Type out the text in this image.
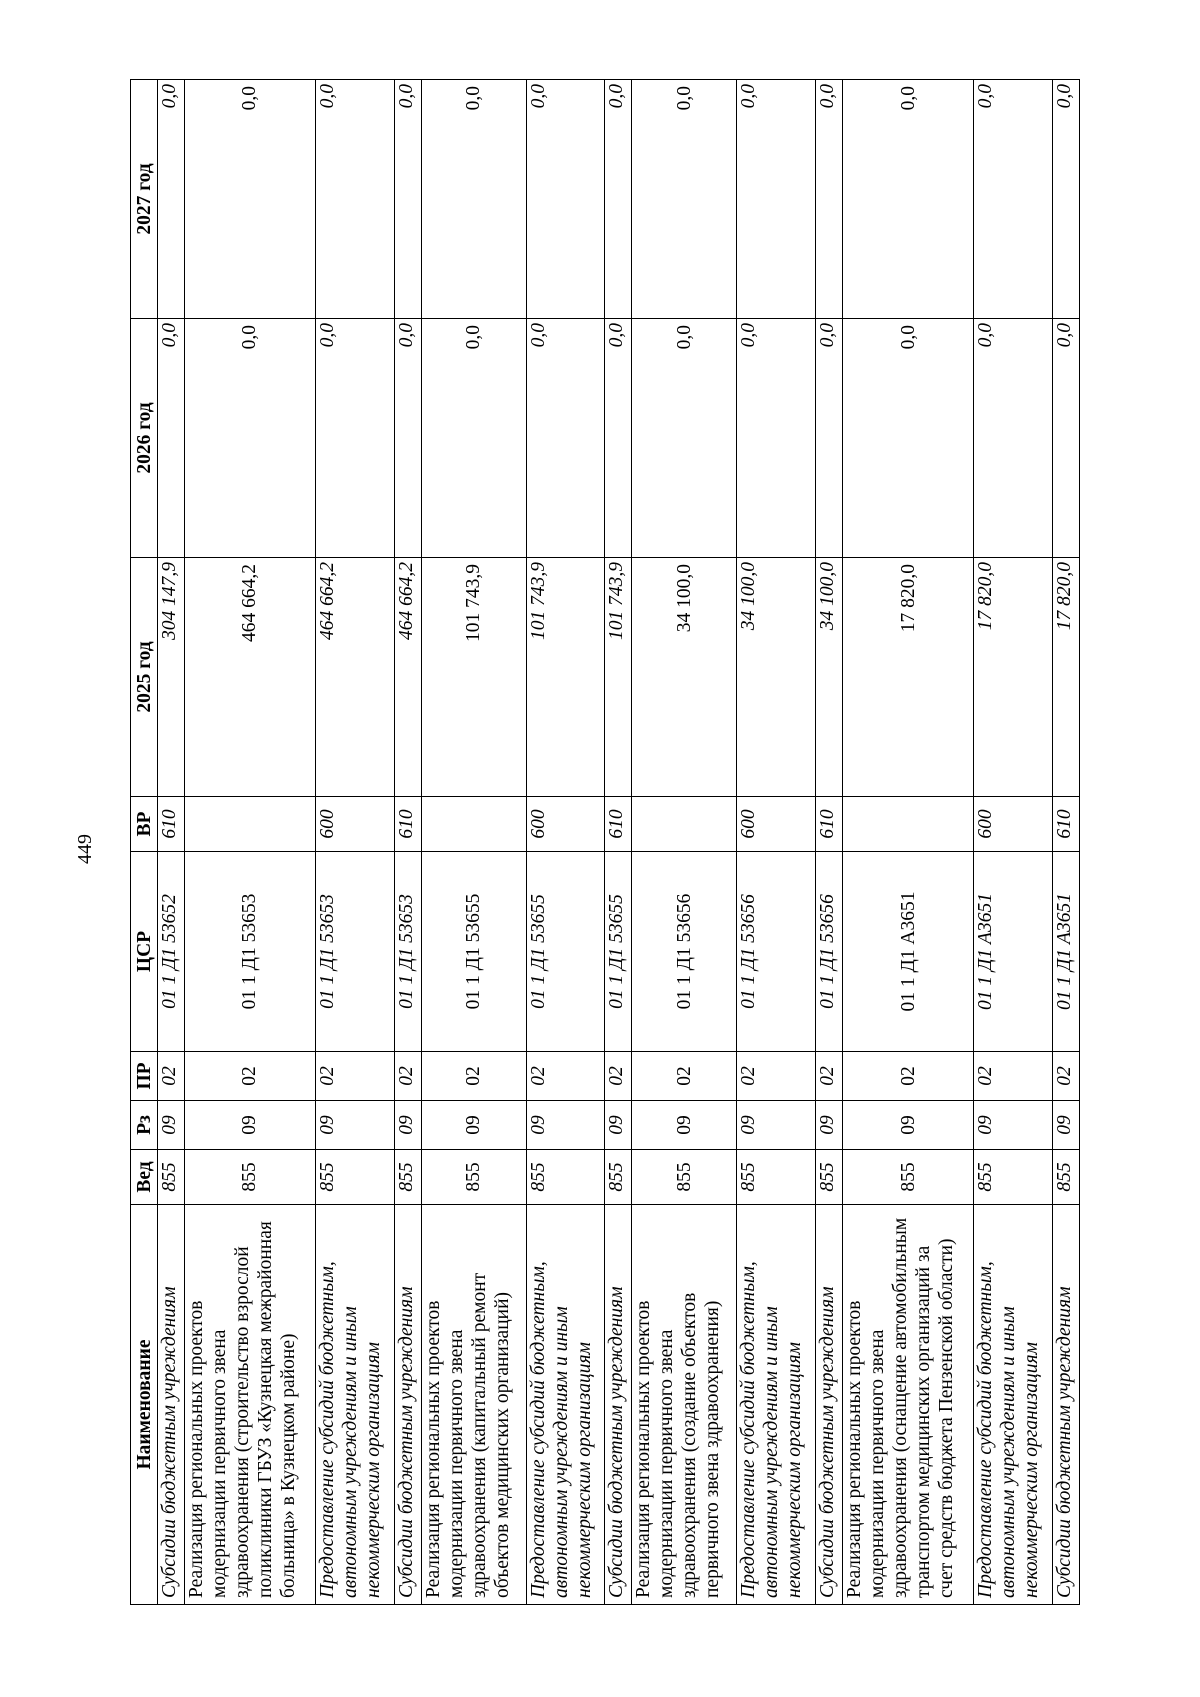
449
Наименование	Вед	Рз	ПР	ЦСР	ВР	2025 год	2026 год	2027 год
Субсидии бюджетным учреждениям	855	09	02	01 1 Д1 53652	610	304 147,9	0,0	0,0
Реализация региональных проектов модернизации первичного звена здравоохранения (строительство взрослой поликлиники ГБУЗ «Кузнецкая межрайонная больница» в Кузнецком районе)	855	09	02	01 1 Д1 53653		464 664,2	0,0	0,0
Предоставление субсидий бюджетным, автономным учреждениям и иным некоммерческим организациям	855	09	02	01 1 Д1 53653	600	464 664,2	0,0	0,0
Субсидии бюджетным учреждениям	855	09	02	01 1 Д1 53653	610	464 664,2	0,0	0,0
Реализация региональных проектов модернизации первичного звена здравоохранения (капитальный ремонт объектов медицинских организаций)	855	09	02	01 1 Д1 53655		101 743,9	0,0	0,0
Предоставление субсидий бюджетным, автономным учреждениям и иным некоммерческим организациям	855	09	02	01 1 Д1 53655	600	101 743,9	0,0	0,0
Субсидии бюджетным учреждениям	855	09	02	01 1 Д1 53655	610	101 743,9	0,0	0,0
Реализация региональных проектов модернизации первичного звена здравоохранения (создание объектов первичного звена здравоохранения)	855	09	02	01 1 Д1 53656		34 100,0	0,0	0,0
Предоставление субсидий бюджетным, автономным учреждениям и иным некоммерческим организациям	855	09	02	01 1 Д1 53656	600	34 100,0	0,0	0,0
Субсидии бюджетным учреждениям	855	09	02	01 1 Д1 53656	610	34 100,0	0,0	0,0
Реализация региональных проектов модернизации первичного звена здравоохранения (оснащение автомобильным транспортом медицинских организаций за счет средств бюджета Пензенской области)	855	09	02	01 1 Д1 А3651		17 820,0	0,0	0,0
Предоставление субсидий бюджетным, автономным учреждениям и иным некоммерческим организациям	855	09	02	01 1 Д1 А3651	600	17 820,0	0,0	0,0
Субсидии бюджетным учреждениям	855	09	02	01 1 Д1 А3651	610	17 820,0	0,0	0,0
